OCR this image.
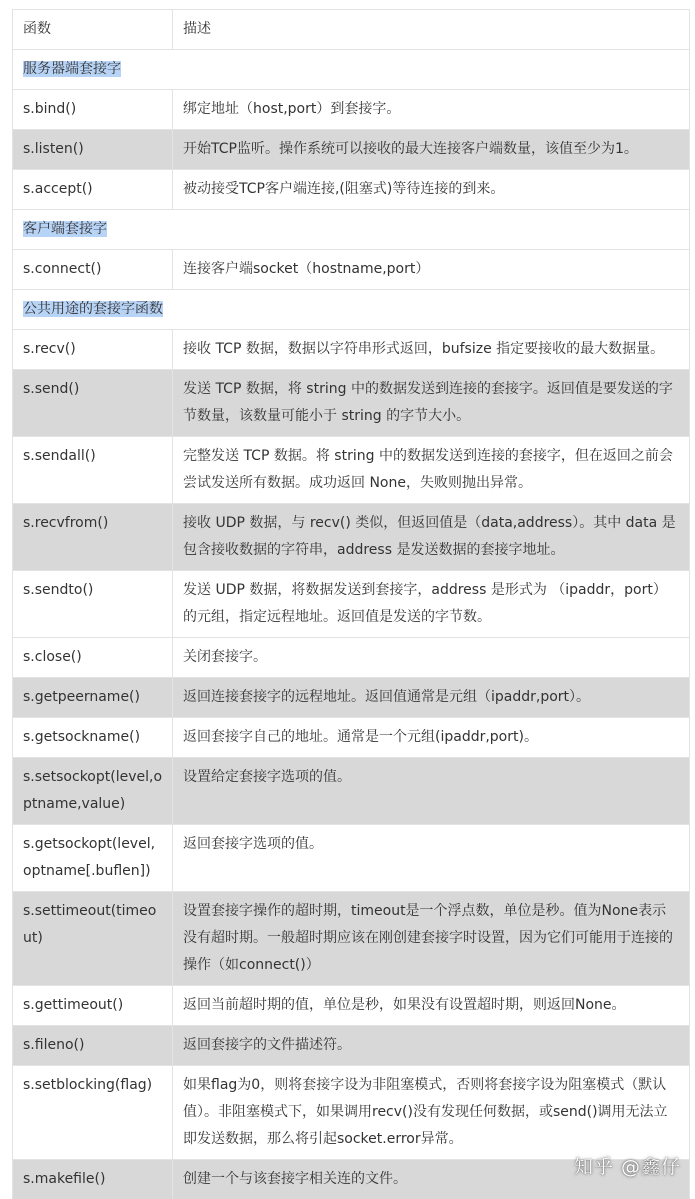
函数	描述
服务器端套接字	
s.bind()	绑定地址（host,port）到套接字。
s.listen()	开始TCP监听。操作系统可以接收的最大连接客户端数量，该值至少为1。
s.accept()	被动接受TCP客户端连接,(阻塞式)等待连接的到来。
客户端套接字	
s.connect()	连接客户端socket（hostname,port）
公共用途的套接字函数	
s.recv()	接收 TCP 数据，数据以字符串形式返回，bufsize 指定要接收的最大数据量。
s.send()	发送 TCP 数据，将 string 中的数据发送到连接的套接字。返回值是要发送的字节数量，该数量可能小于 string 的字节大小。
s.sendall()	完整发送 TCP 数据。将 string 中的数据发送到连接的套接字，但在返回之前会尝试发送所有数据。成功返回 None，失败则抛出异常。
s.recvfrom()	接收 UDP 数据，与 recv() 类似，但返回值是（data,address）。其中 data 是包含接收数据的字符串，address 是发送数据的套接字地址。
s.sendto()	发送 UDP 数据，将数据发送到套接字，address 是形式为 （ipaddr，port）的元组，指定远程地址。返回值是发送的字节数。
s.close()	关闭套接字。
s.getpeername()	返回连接套接字的远程地址。返回值通常是元组（ipaddr,port）。
s.getsockname()	返回套接字自己的地址。通常是一个元组(ipaddr,port)。
s.setsockopt(level,optname,value)	设置给定套接字选项的值。
s.getsockopt(level,optname[.buflen])	返回套接字选项的值。
s.settimeout(timeout)	设置套接字操作的超时期，timeout是一个浮点数，单位是秒。值为None表示没有超时期。一般超时期应该在刚创建套接字时设置，因为它们可能用于连接的操作（如connect()）
s.gettimeout()	返回当前超时期的值，单位是秒，如果没有设置超时期，则返回None。
s.fileno()	返回套接字的文件描述符。
s.setblocking(flag)	如果flag为0，则将套接字设为非阻塞模式，否则将套接字设为阻塞模式（默认值）。非阻塞模式下，如果调用recv()没有发现任何数据，或send()调用无法立即发送数据，那么将引起socket.error异常。
s.makefile()	创建一个与该套接字相关连的文件。
知乎 @鑫仔
